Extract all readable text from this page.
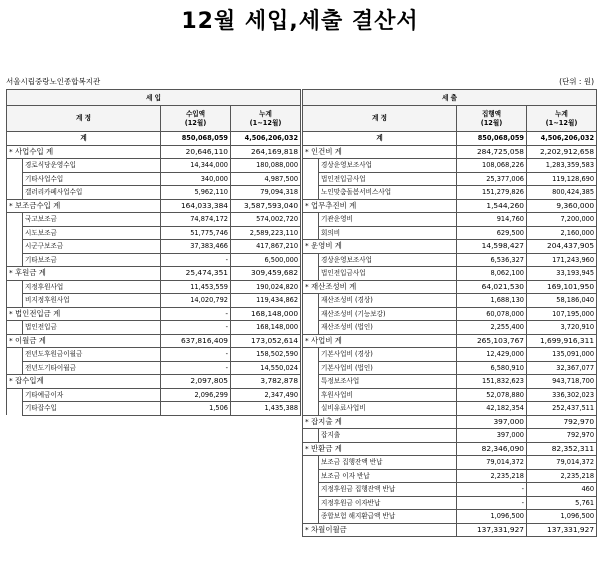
12월 세입,세출 결산서
서울시립중랑노인종합복지관	(단위 : 원)
세 입			
계 정		수입액
(12월)	누계
(1~12월)
계		850,068,059	4,506,206,032
* 사업수입 계		20,646,110	264,169,818
	경로식당운영수입	14,344,000	180,088,000
	기타사업수입	340,000	4,987,500
	갤러리카페사업수입	5,962,110	79,094,318
* 보조금수입 계		164,033,384	3,587,593,040
	국고보조금	74,874,172	574,002,720
	시도보조금	51,775,746	2,589,223,110
	시군구보조금	37,383,466	417,867,210
	기타보조금	-	6,500,000
* 후원금 계		25,474,351	309,459,682
	지정후원사업	11,453,559	190,024,820
	비지정후원사업	14,020,792	119,434,862
* 법인전입금 계		-	168,148,000
	법인전입금	-	168,148,000
* 이월금 계		637,816,409	173,052,614
	전년도후원금이월금	-	158,502,590
	전년도기타이월금	-	14,550,024
* 잡수입계		2,097,805	3,782,878
	기타예금이자	2,096,299	2,347,490
	기타잡수입	1,506	1,435,388
세 출			
계 정		집행액
(12월)	누계
(1~12월)
계		850,068,059	4,506,206,032
* 인건비 계		284,725,058	2,202,912,658
	경상운영보조사업	108,068,226	1,283,359,583
	법인전입금사업	25,377,006	119,128,690
	노인맞춤돌봄서비스사업	151,279,826	800,424,385
* 업무추진비 계		1,544,260	9,360,000
	기관운영비	914,760	7,200,000
	회의비	629,500	2,160,000
* 운영비 계		14,598,427	204,437,905
	경상운영보조사업	6,536,327	171,243,960
	법인전입금사업	8,062,100	33,193,945
* 재산조성비 계		64,021,530	169,101,950
	재산조성비 (경상)	1,688,130	58,186,040
	재산조성비 (기능보강)	60,078,000	107,195,000
	재산조성비 (법인)	2,255,400	3,720,910
* 사업비 계		265,103,767	1,699,916,311
	기본사업비 (경상)	12,429,000	135,091,000
	기본사업비 (법인)	6,580,910	32,367,077
	특정보조사업	151,832,623	943,718,700
	후원사업비	52,078,880	336,302,023
	실비유료사업비	42,182,354	252,437,511
* 잡지출 계		397,000	792,970
	잡지출	397,000	792,970
* 반환금 계		82,346,090	82,352,311
	보조금 집행잔액 반납	79,014,372	79,014,372
	보조금 이자 반납	2,235,218	2,235,218
	지정후원금 집행잔액 반납	-	460
	지정후원금 이자반납	-	5,761
	종합보험 해지환급액 반납	1,096,500	1,096,500
* 차월이월금		137,331,927	137,331,927
